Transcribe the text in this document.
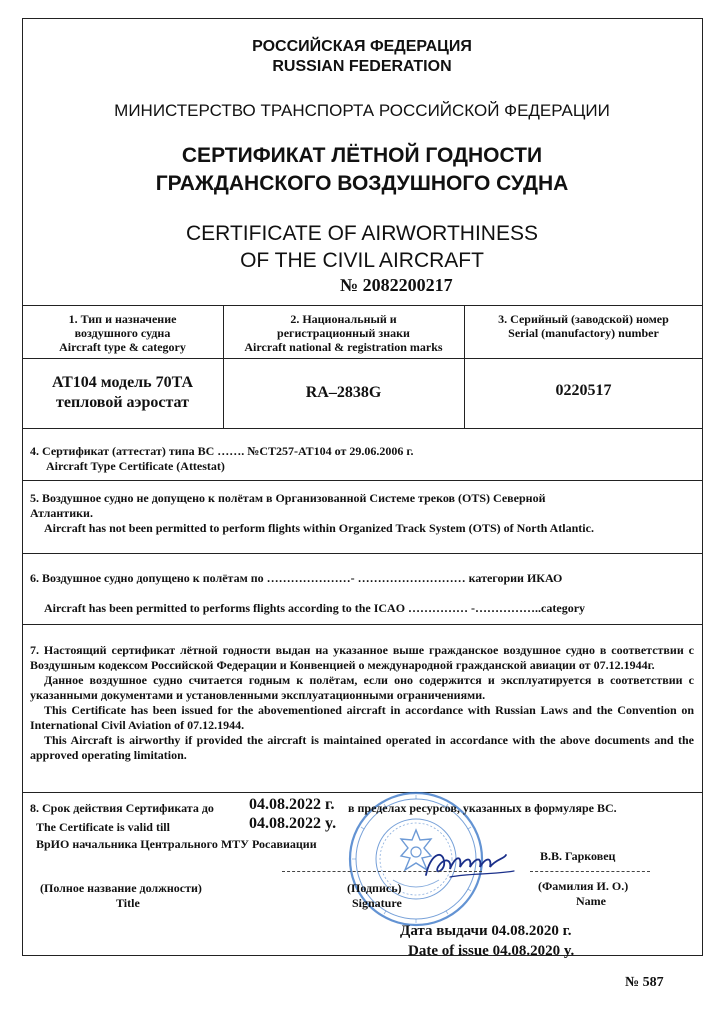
РОССИЙСКАЯ ФЕДЕРАЦИЯ
RUSSIAN FEDERATION
МИНИСТЕРСТВО ТРАНСПОРТА РОССИЙСКОЙ ФЕДЕРАЦИИ
СЕРТИФИКАТ ЛЁТНОЙ ГОДНОСТИ
ГРАЖДАНСКОГО ВОЗДУШНОГО СУДНА
CERTIFICATE OF AIRWORTHINESS
OF THE CIVIL AIRCRAFT
№ 2082200217
1. Тип и назначение
воздушного судна
Aircraft type & category
2. Национальный и
регистрационный знаки
Aircraft national & registration marks
3. Серийный (заводской) номер
Serial (manufactory) number
АТ104 модель 70ТА
тепловой аэростат
RA–2838G	0220517
4. Сертификат (аттестат) типа ВС ……. №СТ257-АТ104 от 29.06.2006 г.
Aircraft Type Certificate (Attestat)
5. Воздушное судно не допущено к полётам в Организованной Системе треков (OTS) Северной
Атлантики.
Aircraft has not been permitted to perform flights within Organized Track System (OTS) of North Atlantic.
6. Воздушное судно допущено к полётам по …………………- ……………………… категории ИКАО
Aircraft has been permitted to performs flights according to the ICAO …………… -……………..category

7. Настоящий сертификат лётной годности выдан на указанное выше гражданское воздушное судно в соответствии с Воздушным кодексом Российской Федерации и Конвенцией о международной гражданской авиации от 07.12.1944г.

Данное воздушное судно считается годным к полётам, если оно содержится и эксплуатируется в соответствии с указанными документами и установленными эксплуатационными ограничениями.

This Certificate has been issued for the abovementioned aircraft in accordance with Russian Laws and the Convention on International Civil Aviation of 07.12.1944.

This Aircraft is airworthy if provided the aircraft is maintained operated in accordance with the above documents and the approved operating limitation.

8. Срок действия Сертификата до 04.08.2022 г. в пределах ресурсов, указанных в формуляре ВС.
The Certificate is valid till	04.08.2022 y.
ВрИО начальника Центрального МТУ Росавиации
В.В. Гарковец
(Полное название должности)
Title
(Подпись)
Signature
(Фамилия И. О.)
Name
Дата выдачи 04.08.2020 г.
Date of issue 04.08.2020 y.
№ 587
